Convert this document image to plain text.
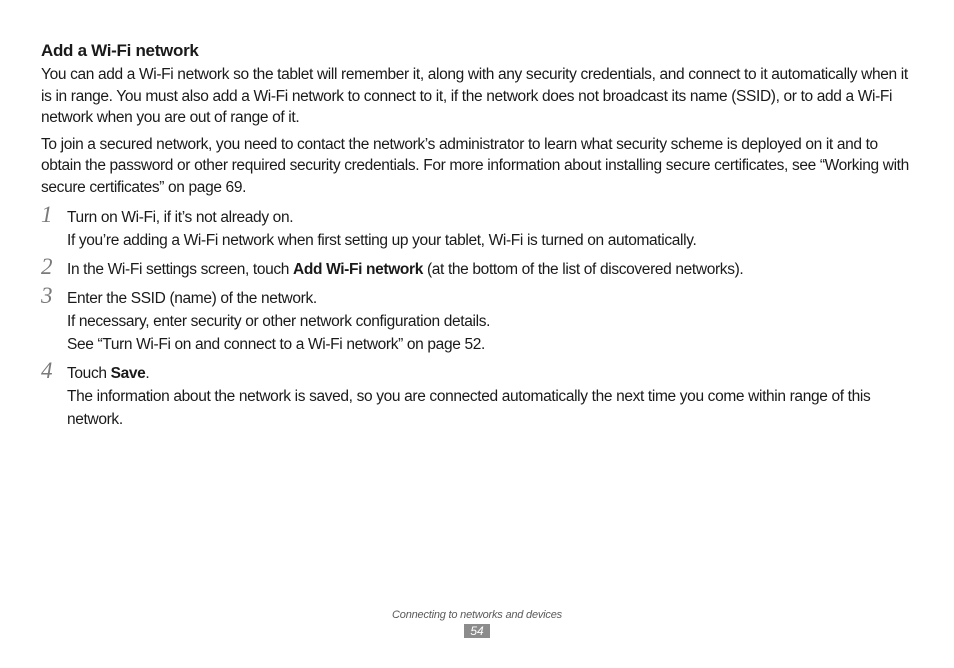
Add a Wi-Fi network

You can add a Wi-Fi network so the tablet will remember it, along with any security credentials, and connect to it automatically when it is in range. You must also add a Wi-Fi network to connect to it, if the network does not broadcast its name (SSID), or to add a Wi-Fi network when you are out of range of it.

To join a secured network, you need to contact the network’s administrator to learn what security scheme is deployed on it and to obtain the password or other required security credentials. For more information about installing secure certificates, see “Working with secure certificates” on page 69.

1 Turn on Wi-Fi, if it’s not already on.
If you’re adding a Wi-Fi network when first setting up your tablet, Wi-Fi is turned on automatically.
2 In the Wi-Fi settings screen, touch Add Wi-Fi network (at the bottom of the list of discovered networks).
3 Enter the SSID (name) of the network.
If necessary, enter security or other network configuration details.
See “Turn Wi-Fi on and connect to a Wi-Fi network” on page 52.
4 Touch Save.
The information about the network is saved, so you are connected automatically the next time you come within range of this network.
Connecting to networks and devices
54
